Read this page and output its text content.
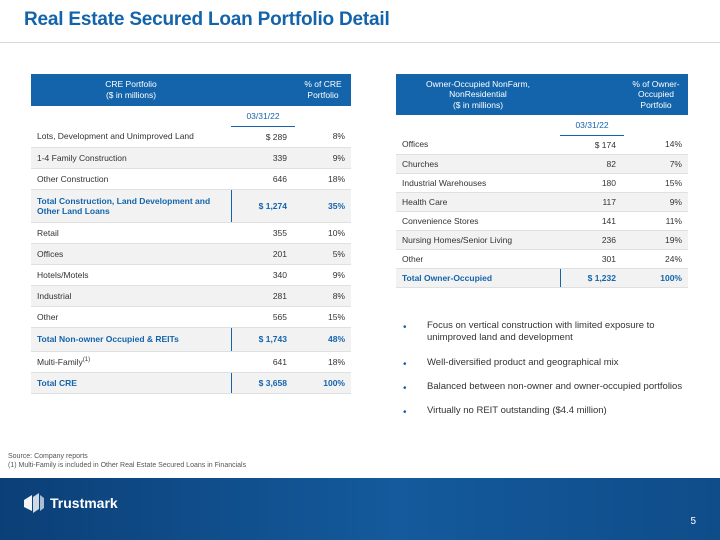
Real Estate Secured Loan Portfolio Detail
CRE Portfolio
($ in millions)		% of CRE
Portfolio
	03/31/22	
Lots, Development and Unimproved Land	$ 289	8%
1-4 Family Construction	339	9%
Other Construction	646	18%
Total Construction, Land Development and Other Land Loans	$ 1,274	35%
Retail	355	10%
Offices	201	5%
Hotels/Motels	340	9%
Industrial	281	8%
Other	565	15%
Total Non-owner Occupied & REITs	$ 1,743	48%
Multi-Family$^{(1)}$	641	18%
Total CRE	$ 3,658	100%
Owner-Occupied NonFarm,
NonResidential
($ in millions)		% of Owner-
Occupied
Portfolio
	03/31/22	
Offices	$ 174	14%
Churches	82	7%
Industrial Warehouses	180	15%
Health Care	117	9%
Convenience Stores	141	11%
Nursing Homes/Senior Living	236	19%
Other	301	24%
Total Owner-Occupied	$ 1,232	100%
• Focus on vertical construction with limited exposure to unimproved land and development
• Well-diversified product and geographical mix
• Balanced between non-owner and owner-occupied portfolios
• Virtually no REIT outstanding ($4.4 million)
Source: Company reports
(1) Multi-Family is included in Other Real Estate Secured Loans in Financials
Trustmark
5
